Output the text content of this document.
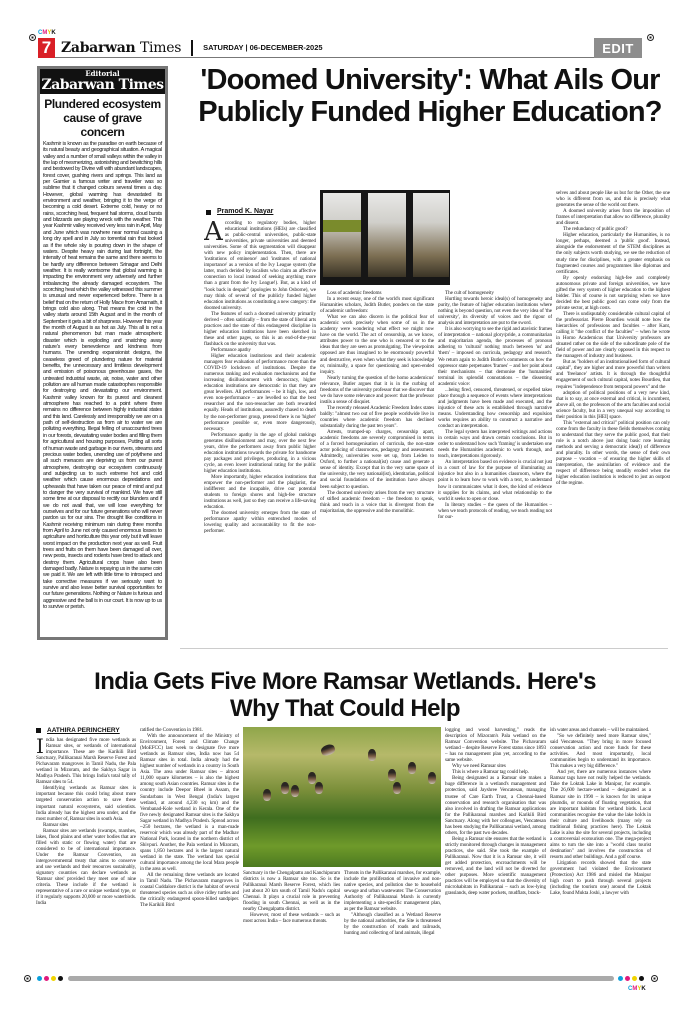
CMYK
7 Zabarwan Times	SATURDAY | 06-DECEMBER-2025	EDIT
Editorial
Zabarwan Times
Plundered ecosystem cause of grave concern
Kashmir is known as the paradise on earth because of its natural beauty and geographical situation. A magical valley and a number of small valleys within the valley in the lap of mesmerizing, astonishing and bewitching hills and bestowed by Divine will with abundant landscapes, forest cover, gushing rivers and springs. This land as per Garnier a famous writer and traveller was so sublime that it changed colours several times a day. However, global warming has devastated its environment and weather, bringing it to the verge of becoming a cold desert. Extreme cold, heavy or no rains, scorching heat, frequent hail storms, cloud bursts and blizzards are playing wreck with the weather. This year Kashmir valley received very less rain in April, May and June which was nowhere near normal causing a long dry spell and in July so torrential rain that looked as if the whole sky is pouring down in the shape of waters. Despite heavy rain during last fortnight, the intensity of heat remains the same and there seems to be hardly any difference between Srinagar and Delhi weather. It is really worrisome that global warming is impacting the environment very adversely and further imbalancing the already damaged ecosystem. The scorching heat which the valley witnessed this summer is unusual and never experienced before. There is a belief that on the return of Holly Mace from Amarnath, it brings cold also along. That means the cold in the valley starts around 15th August and in the month of September it gets a bit of sharpness. However this year the month of August is as hot as July. This all is not a natural phenomenon but man made atmospheric disaster which is exploding and snatching away nature's every benevolence and kindness from humans. The unending expansionist designs, the ceaseless greed of plundering nature for material benefits, the unnecessary and limitless development and emission of poisonous greenhouse gases, the untreated industrial waste, air, noise, water and other pollution are all human made catastrophes responsible for destroying and devastating our environment. Kashmir valley known for its purest and cleanest atmosphere has reached to a point where there remains no difference between highly industrial states and this land. Carelessly and irresponsibly we are on a path of self-destruction as from air to water we are polluting everything. Illegal felling of unaccounted trees in our forests, devastating water bodies and filling them for agricultural and housing purposes, Putting all sorts of human waste and garbage in our rivers, streams and precious water bodies, unending use of polythene and all such menaces are depriving us from our purest atmosphere, destroying our ecosystem continuously and subjecting us to such extreme hot and cold weather which cause enormous depredations and upheavals that have taken our peace of mind and put to danger the very survival of mankind. We have still some time at our disposal to rectify our blunders and if we do not avail that, we will lose everything for ourselves and for our future generations who will never pardon us for our sins. The drought like conditions in Kashmir receiving minimum rain during three months from April to June not only caused enormous losses to agriculture and horticulture this year only but it will leave worst impact on the production next year as well. Fruit trees and fruits on them have been damaged all over, new pests, insects and rodents have bred to attack and destroy them. Agricultural crops have also been damaged badly. Nature is repaying us in the same coin we paid it. We are left with little time to introspect and take corrective measures if we seriously want to survive and also leave better survival opportunities for our future generations. Nothing or Nature is furious and aggressive and the ball is in our court. It is now up to us to survive or perish.
'Doomed University': What Ails Our Publicly Funded Higher Education?
Pramod K. Nayar
According to regulatory bodies, higher educational institutions (HEIs) are classified as public-central universities, public-state universities, private universities and deemed universities. Some of this segmentation will disappear with new policy implementation. Then, there are 'institutions of eminence' and 'institutes of national importance' as a version of the Ivy League system (the latter, much derided by localists who claim an affective connection to local instead of seeking anything more than a grant from the Ivy League!). But, as a kind of "look back in despair" (apologies to John Osborne), we may think of several of the publicly funded higher education institutions as constituting a new category: the doomed university.

The features of such a doomed university primarily derived – often satirically – from the state of liberal arts practices and the state of this endangered discipline in higher education institutions have been sketched in these and other pages, so this is an end-of-the-year flashback on the university that was.

Performance apathy

Higher education institutions and their academic managers fear evaluation of performance more than the COVID-19 lockdown of institutions. Despite the numerous ranking and evaluation mechanisms and the increasing disillusionment with democracy, higher education institutions are democratic in that they are great levellers. All performances – be it high, low, and even non-performance – are levelled so that the best researcher and the non-researcher are both rewarded equally. Heads of institutions, assuredly chased to death by the non-performer group, pretend there is no 'higher' performance possible or, even more dangerously, necessary.

Performance apathy in the age of global rankings generates disillusionment and may, over the next few years, drive the performers away from public higher education institutions towards the private for handsome pay packages and privileges, producing, in a vicious cycle, an even lower institutional rating for the public higher education institutions.

More importantly, higher education institutions that empower the non-performer and the plagiarist, the indifferent and the incapable, drive our potential students to foreign shores and high-fee structure institutions as well, just so they can receive a life-saving education.

The doomed university emerges from the state of performance apathy within entrenched modes of lowering quality and accountability to fit the non-performer.

Loss of academic freedoms

In a recent essay, one of the world's most significant Humanities scholars, Judith Butler, ponders on the state of academic unfreedom:

What we can also discern is the political fear of academic work precisely when some of us in the academy were wondering what effect we might now have on the world. The act of censorship, as we know, attributes power to the one who is censored or to the ideas that they are seen as promulgating. The viewpoints opposed are thus imagined to be enormously powerful and destructive, even when what they seek is knowledge or, minimally, a space for questioning and open-ended inquiry.

Nearly turning the question of the homo academicus' relevance, Butler argues that it is in the curbing of freedoms of the university professor that we discover that we do have some relevance and power: that the professor instils a sense of disquiet.

The recently released Academic Freedom Index states baldly: "almost two out of five people worldwide live in countries where academic freedom has declined substantially during the past ten years".

Arrests, trumped-up charges, censorship apart, academic freedoms are severely compromised in terms of a forced homogenisation of curricula, the non-state actor policing of classrooms, pedagogy and assessment. Admittedly, universities were set up, from Leiden to Oxford, to further a national(ist) cause and generate a sense of identity. Except that in the very same space of the university, the very national(ist), identitarian, political and social foundations of the institution have always been subject to question.

The doomed university arises from the very structure of stifled academic freedom – the freedom to speak, think and teach in a voice that is divergent from the majoritarian, the oppressive and the monolithic.

The cult of homogeneity

Hurtling towards heroic ideal(s) of homogeneity and purity, the feature of higher education institutions where nothing is beyond question, not even the very idea of 'the university', its diversity of voices and the rigour of analysis and interpretation are put to the sword.

It is also worrying to see the rigid and atavistic frames of interpretation – national glory/pride, a communitarian and majoritarian agenda, the processes of pronoun adhering to 'cultural' nothing much between 'us' and 'them' – imposed on curricula, pedagogy and research. We return again to Judith Butler's comments on how the oppressor state perpetuates 'frames' – and her point about their mechanisms – that demonise the 'humanities' terminal its splendid connotations – the dissenting academic voice:

...being fired, censored, threatened, or expelled takes place through a sequence of events where interpretations and judgments have been made and executed, and the injustice of these acts is established through narrative means. Understanding how censorship and expulsion works requires an ability to construct a narrative and conduct an interpretation.

The legal system has interpreted writings and actions in certain ways and drawn certain conclusions. But in order to understand how such 'framing' is undertaken one needs the Humanities academic to work through, and teach, interpretations rigorously.

An interpretation based on evidence is crucial not just in a court of law for the purpose of illuminating an injustice but also in a humanities classroom, where the point is to learn how to work with a text, to understand how it communicates what it does, the kind of evidence it supplies for its claims, and what relationship to the world it seeks to open or close.

In literary studies – the queen of the Humanities – when we teach protocols of reading, we teach reading not for our-

selves and about people like us but for the Other, the one who is different from us, and this is precisely what generates the sense of the world out there.

A doomed university arises from the imposition of frames of interpretation that allow no difference, plurality and dissent.

The redundancy of public good?

Higher education, particularly the Humanities, is no longer, perhaps, deemed a 'public good'. Instead, alongside the endorsement of the STEM disciplines as the only subjects worth studying, we see the reduction of study time for disciplines, with a greater emphasis on fragmented courses and programmes like diplomas and certificates.

By openly endorsing high-fee and completely autonomous private and foreign universities, we have gifted the very system of higher education to the highest bidder. This of course is not surprising when we have decided the best public good can come only from the private sector, at high costs.

There is undisputably considerable cultural capital of the professoriat. Pierre Bourdieu would note how the hierarchies of professions and faculties – after Kant, calling it "the conflict of the faculties" – when he wrote in Homo Academicus that University professors are situated rather on the side of the subordinate pole of the field of power and are clearly opposed in this respect to the managers of industry and business.

But as "holders of an institutionalised form of cultural capital", they are higher and more powerful than writers and 'freelance' artists. It is through the thoughtful engagement of such cultural capital, notes Bourdieu, that requires "independence from temporal powers" and the

adoption of political positions of a very new kind, that is to say, at once external and critical, is incumbent, above all, on the professors of the arts faculties and social science faculty, but in a very unequal way according to their position in this [HEI] space.

This "external and critical" political position can only come from the faculty in these fields themselves coming to understand that they serve the public good, that their role is a notch above just doing basic rote learning methods and serving a democratic idea(l) of difference and plurality. In other words, the sense of their own purpose – vocation – of ensuring the higher skills of interpretation, the assimilation of evidence and the respect of difference being steadily eroded when the higher education institution is reduced to just an outpost of the regime.

India Gets Five More Ramsar Wetlands. Here's Why That Could Help
AATHIRA PERINCHERY
India has designated five more wetlands as Ramsar sites, or wetlands of international importance. These are the Karikili Bird Sanctuary, Pallikaranai Marsh Reserve Forest and Pichavaram mangroves in Tamil Nadu, the Pala wetland in Mizoram, and the Sakhya Sagar in Madhya Pradesh. This brings India's total tally of Ramsar sites to 54.

Identifying wetlands as Ramsar sites is important because this could bring about more targeted conservation action to save these important natural ecosystems, said scientists. India already has the highest area under, and the most number of, Ramsar sites in south Asia.

Ramsar sites

Ramsar sites are wetlands (swamps, marshes, lakes, flood plains and other water bodies that are filled with static or flowing water) that are considered to be of international importance. Under the Ramsar Convention, an intergovernmental treaty that aims to conserve and use wetlands and their resources sustainably, signatory countries can declare wetlands as 'Ramsar sites' provided they meet one of nine criteria. These include if the wetland is representative of a rare or unique wetland type, or if it regularly supports 20,000 or more waterbirds. India

ratified the Convention in 1981.

With the announcement of the Ministry of Environment, Forest and Climate Change (MoEFCC) last week to designate five more wetlands as Ramsar sites, India now has 54 Ramsar sites in total. India already had the highest number of wetlands in a country in South Asia. The area under Ramsar sites – almost 11,000 square kilometres – is also the highest among south Asian countries. Ramsar sites in the country include Deepor Bheel in Assam, the Sundarbans in West Bengal (India's largest wetland, at around 4,230 sq km) and the Vembanad-Kole wetland in Kerala. One of the five newly designated Ramsar sites is the Sakhya Sagar wetland in Madhya Pradesh. Spread across ~250 hectares, the wetland is a man-made reservoir which was already part of the Madhav National Park, located in the northern district of Shivpuri. Another, the Pala wetland in Mizoram, spans 1,850 hectares and is the largest natural wetland in the state. The wetland has special cultural importance among the local Mara people in the area as well.

All the remaining three wetlands are located in Tamil Nadu. The Pichavaram mangroves in coastal Cuddalore district is the habitat of several threatened species such as olive ridley turtles and the critically endangered spoon-billed sandpiper. The Karikili Bird

Sanctuary in the Chengalpattu and Kanchipuram districts is now a Ramsar site too. So is the Pallikaranai Marsh Reserve Forest, which lies just about 20 km south of Tamil Nadu's capital Chennai. It plays a crucial role in preventing flooding in south Chennai, as well as in the nearby Chengalpattu district.

However, most of these wetlands – such as most across India – face numerous threats.

Threats in the Pallikaranai marshes, for example, include the proliferation of invasive and non-native species, and pollution due to household sewage and urban wastewater. The Conservation Authority of Pallikaranai Marsh is currently implementing a site-specific management plan, as per the Ramsar website.

"Although classified as a Wetland Reserve by the national authorities, the Site is threatened by the construction of roads and railroads, hunting and collecting of land animals, illegal

logging and wood harvesting," reads the description of Mizoram's Pala wetland on the Ramsar Convention website. The Pichavaram wetland – despite Reserve Forest status since 1893 – has no management plan yet, according to the same website.

Why we need Ramsar sites

This is where a Ramsar tag could help.

Being designated as a Ramsar site makes a huge difference in a wetland's management and protection, said Jayshree Vencatesan, managing trustee of Care Earth Trust, a Chennai-based conservation and research organisation that was also involved in drafting the Ramsar applications for the Pallikaranai marshes and Karikili Bird Sanctuary. Along with her colleagues, Vencatesan has been studying the Pallikaranai wetland, among others, for the past two decades.

Being a Ramsar site ensures that the wetland is strictly monitored through changes in management practices, she said. She took the example of Pallikaranai. Now that it is a Ramsar site, it will get added protection, encroachments will be removed, and the land will not be diverted for other purposes. More scientific management practices will be employed so that the diversity of microhabitats in Pallikaranai – such as low-lying grasslands, deep water pockets, mudflats, brack-

ish water areas and channels – will be maintained.

"So we definitely need more Ramsar sites," said Vencatesan. "They bring in more focused conservation action and more funds for these activities. And most importantly, local communities begin to understand its importance. This makes a very big difference."

And yet, there are numerous instances where Ramsar tags have not really helped the wetlands. Take the Loktak Lake in Manipur, for example. The 26,600 hectare-wetland – designated as a Ramsar site in 1990 – is known for its unique phumdis, or mounds of floating vegetation, that are important habitats for wetland birds. Local communities recognise the value the lake holds in their culture and livelihoods (many rely on traditional fishing practices here). The Loktak Lake is also the site for several projects, including a controversial ecotourism one. The mega-project aims to turn the site into a "world class tourist destination" and involves the construction of resorts and other buildings. And a golf course.

Litigation records showed that the state government had violated the Environment (Protection) Act 1986 and misled the Manipur high court to push through several projects (including the tourism one) around the Loktak Lake, found Mukta Joshi, a lawyer with

CMYK
